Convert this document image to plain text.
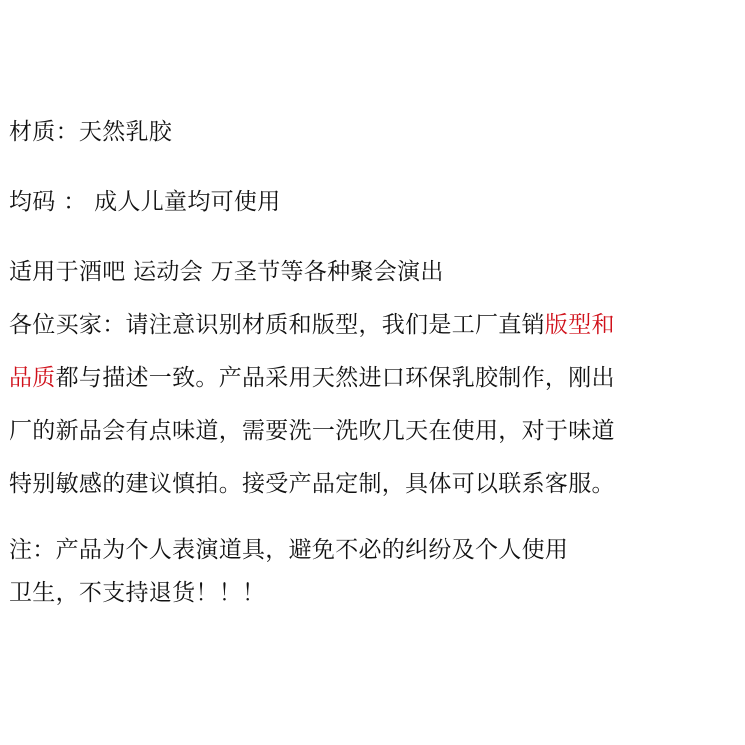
材质：天然乳胶
均码 ： 成人儿童均可使用
适用于酒吧 运动会 万圣节等各种聚会演出
各位买家：请注意识别材质和版型，我们是工厂直销版型和
品质都与描述一致。产品采用天然进口环保乳胶制作，刚出
厂的新品会有点味道，需要洗一洗吹几天在使用，对于味道
特别敏感的建议慎拍。接受产品定制，具体可以联系客服。
注：产品为个人表演道具，避免不必的纠纷及个人使用
卫生，不支持退货！！！
